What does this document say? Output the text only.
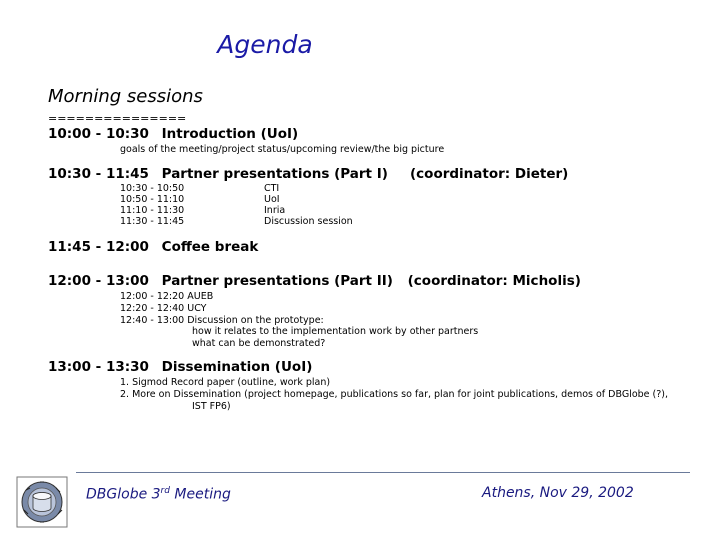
Agenda
Morning sessions
===============
10:00 - 10:30 Introduction (UoI)
goals of the meeting/project status/upcoming review/the big picture
10:30 - 11:45 Partner presentations (Part I) (coordinator: Dieter)
10:30 - 10:50	CTI
10:50 - 11:10	UoI
11:10 - 11:30	Inria
11:30 - 11:45	Discussion session
11:45 - 12:00 Coffee break
12:00 - 13:00 Partner presentations (Part II) (coordinator: Micholis)
12:00 - 12:20 AUEB
12:20 - 12:40 UCY
12:40 - 13:00 Discussion on the prototype:
how it relates to the implementation work by other partners
what can be demonstrated?
13:00 - 13:30 Dissemination (UoI)
1. Sigmod Record paper (outline, work plan)
2. More on Dissemination (project homepage, publications so far, plan for joint publications, demos of DBGlobe (?),
IST FP6)
DBGlobe 3rd Meeting	Athens, Nov 29, 2002
